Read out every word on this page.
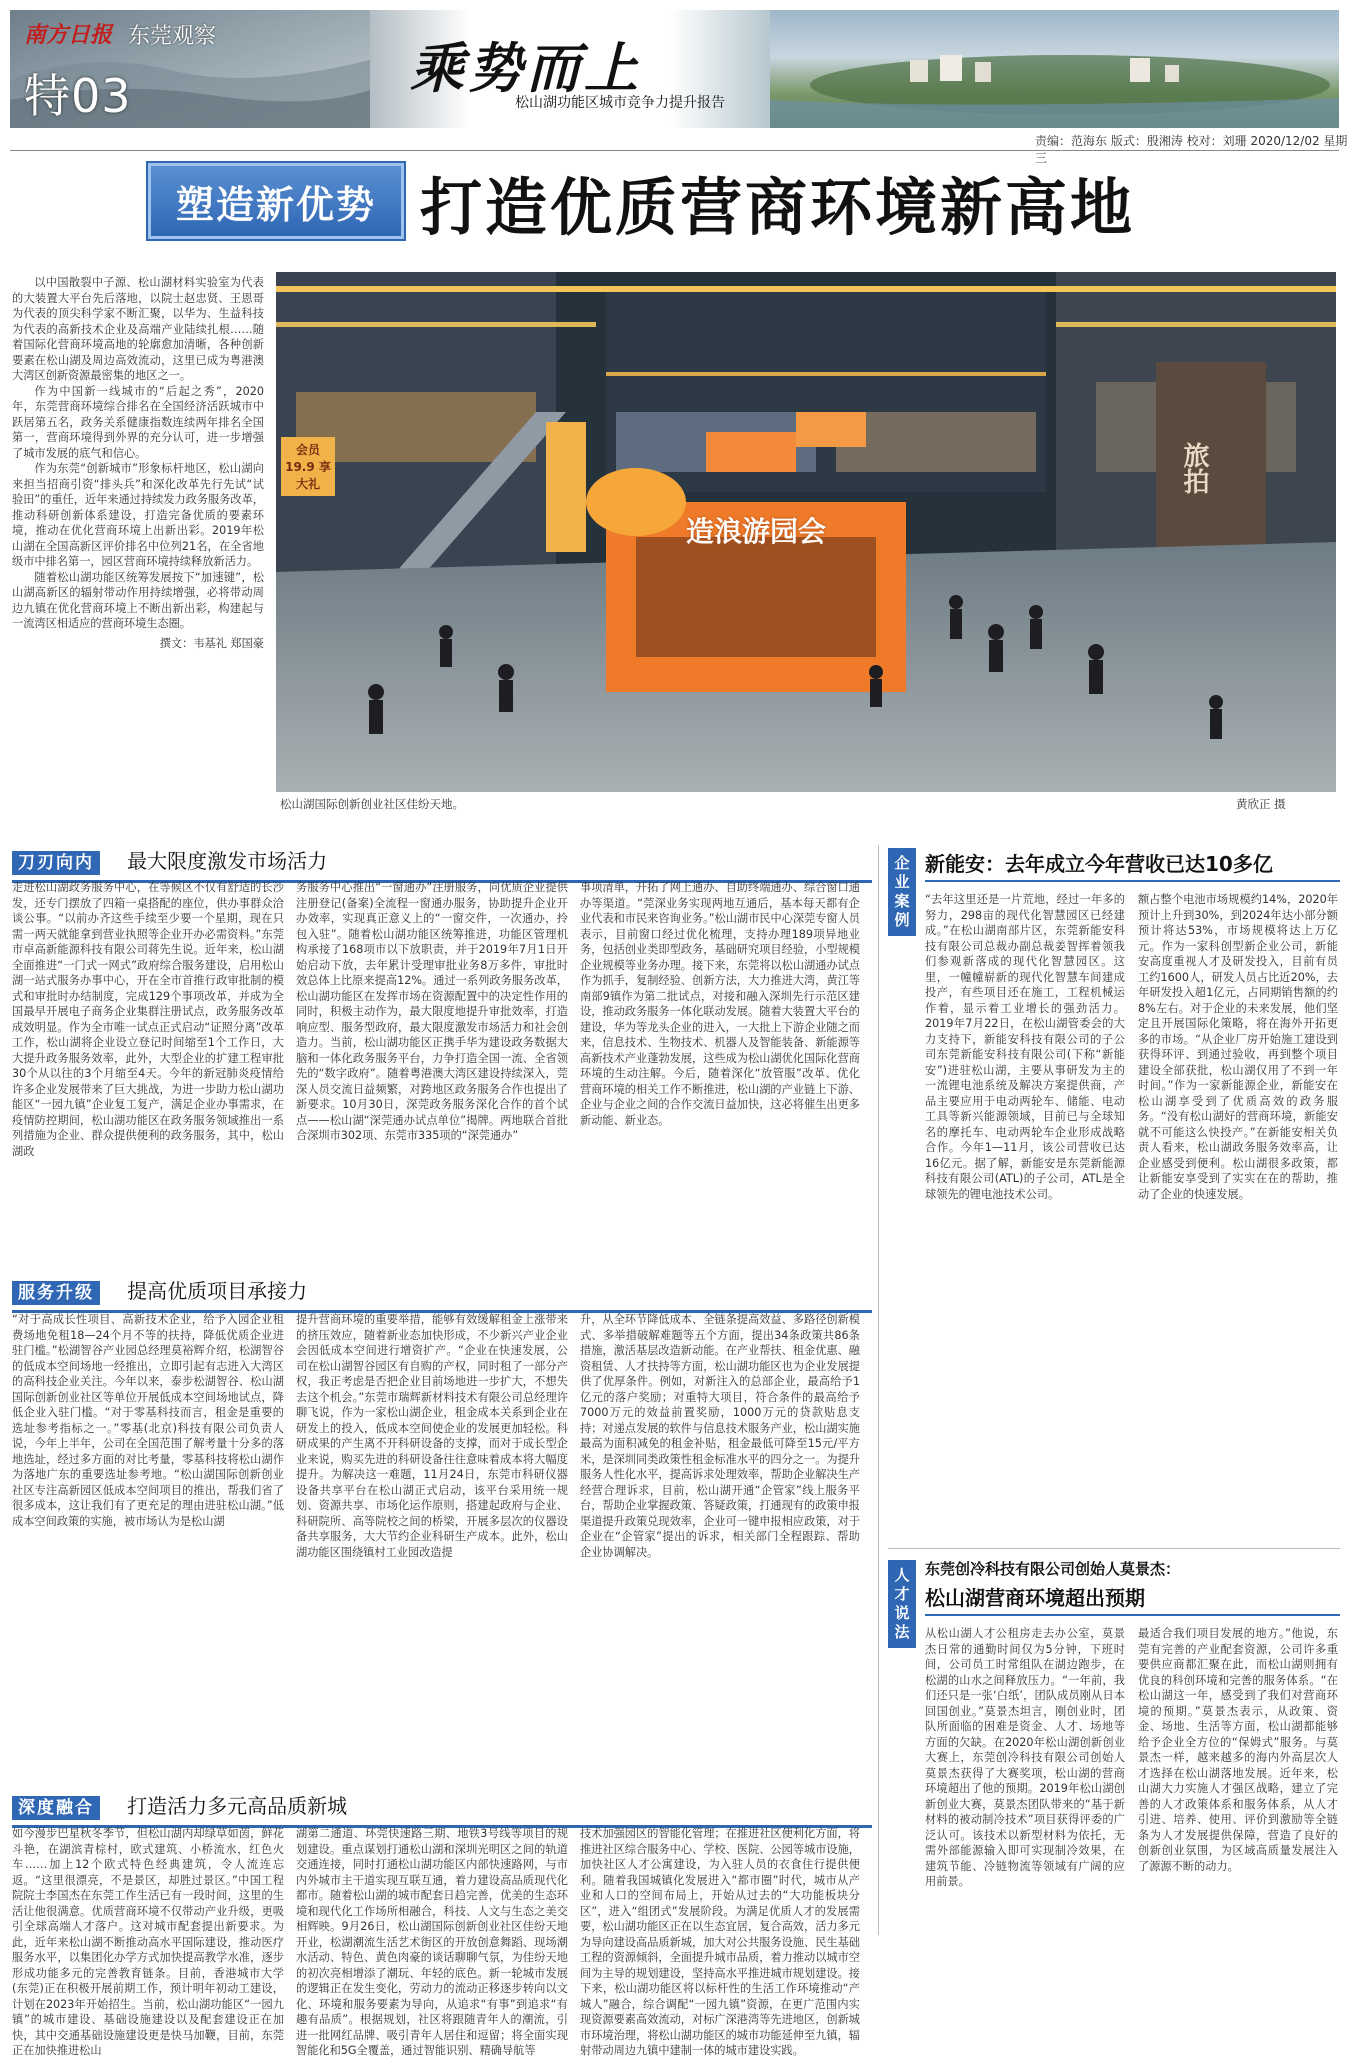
南方日报 东莞观察
特03	乘势而上
松山湖功能区城市竞争力提升报告
责编：范海东 版式：殷湘涛 校对：刘珊 2020/12/02 星期三
塑造新优势 打造优质营商环境新高地

以中国散裂中子源、松山湖材料实验室为代表的大装置大平台先后落地，以院士赵忠贤、王恩哥为代表的顶尖科学家不断汇聚，以华为、生益科技为代表的高新技术企业及高端产业陆续扎根……随着国际化营商环境高地的轮廓愈加清晰，各种创新要素在松山湖及周边高效流动，这里已成为粤港澳大湾区创新资源最密集的地区之一。

作为中国新一线城市的“后起之秀”，2020年，东莞营商环境综合排名在全国经济活跃城市中跃居第五名，政务关系健康指数连续两年排名全国第一，营商环境得到外界的充分认可，进一步增强了城市发展的底气和信心。

作为东莞“创新城市”形象标杆地区，松山湖向来担当招商引资“排头兵”和深化改革先行先试“试验田”的重任，近年来通过持续发力政务服务改革，推动科研创新体系建设，打造完备优质的要素环境，推动在优化营商环境上出新出彩。2019年松山湖在全国高新区评价排名中位列21名，在全省地级市中排名第一，园区营商环境持续释放新活力。

随着松山湖功能区统筹发展按下“加速键”，松山湖高新区的辐射带动作用持续增强，必将带动周边九镇在优化营商环境上不断出新出彩，构建起与一流湾区相适应的营商环境生态圈。

撰文：韦基礼 郑国豪
造浪游园会
会员 19.9 享大礼	旅拍
松山湖国际创新创业社区佳纷天地。	黄欣正 摄
刀刃向内 最大限度激发市场活力
走进松山湖政务服务中心，在等候区不仅有舒适的长沙发，还专门摆放了四箱一桌搭配的座位，供办事群众洽谈公事。“以前办齐这些手续至少要一个星期，现在只需一两天就能拿到营业执照等企业开办必需资料。”东莞市卓高新能源科技有限公司蒋先生说。近年来，松山湖全面推进“一门式一网式”政府综合服务建设，启用松山湖一站式服务办事中心，开在全市首推行政审批制的模式和审批时办结制度，完成129个事项改革，并成为全国最早开展电子商务企业集群注册试点，政务服务改革成效明显。作为全市唯一试点正式启动“证照分离”改革工作，松山湖将企业设立登记时间缩至1个工作日，大大提升政务服务效率，此外，大型企业的扩建工程审批30个从以往的3个月缩至4天。今年的新冠肺炎疫情给许多企业发展带来了巨大挑战，为进一步助力松山湖功能区“一园九镇”企业复工复产，满足企业办事需求，在疫情防控期间，松山湖功能区在政务服务领域推出一系列措施为企业、群众提供便利的政务服务，其中，松山湖政
务服务中心推出“一窗通办”注册服务，向优质企业提供注册登记(备案)全流程一窗通办服务，协助提升企业开办效率，实现真正意义上的“一窗交件，一次通办，拎包入驻”。随着松山湖功能区统筹推进，功能区管理机构承接了168项市以下放职责，并于2019年7月1日开始启动下放，去年累计受理审批业务8万多件，审批时效总体上比原来提高12%。通过一系列政务服务改革，松山湖功能区在发挥市场在资源配置中的决定性作用的同时，积极主动作为，最大限度地提升审批效率，打造响应型、服务型政府，最大限度激发市场活力和社会创造力。当前，松山湖功能区正携手华为建设政务数据大脑和一体化政务服务平台，力争打造全国一流、全省领先的“数字政府”。随着粤港澳大湾区建设持续深入，莞深人员交流日益频繁，对跨地区政务服务合作也提出了新要求。10月30日，深莞政务服务深化合作的首个试点——松山湖“深莞通办试点单位”揭牌。两地联合首批合深圳市302项、东莞市335项的“深莞通办”
事项清单，开拓了网上通办、自助终端通办、综合窗口通办等渠道。“莞深业务实现两地互通后，基本每天都有企业代表和市民来咨询业务。”松山湖市民中心深莞专窗人员表示，目前窗口经过优化梳理，支持办理189项异地业务，包括创业类即型政务，基础研究项目经验，小型规模企业规模等业务办理。接下来，东莞将以松山湖通办试点作为抓手，复制经验、创新方法，大力推进大湾，黄江等南部9镇作为第二批试点，对接和融入深圳先行示范区建设，推动政务服务一体化联动发展。随着大装置大平台的建设，华为等龙头企业的进入，一大批上下游企业随之而来，信息技术、生物技术、机器人及智能装备、新能源等高新技术产业蓬勃发展，这些成为松山湖优化国际化营商环境的生动注解。今后，随着深化“放管服”改革、优化营商环境的相关工作不断推进，松山湖的产业链上下游、企业与企业之间的合作交流日益加快，这必将催生出更多新动能、新业态。
服务升级 提高优质项目承接力
“对于高成长性项目、高新技术企业，给予入园企业租费场地免租18—24个月不等的扶持，降低优质企业进驻门槛。”松湖智谷产业园总经理莫裕辉介绍，松湖智谷的低成本空间场地一经推出，立即引起有志进入大湾区的高科技企业关注。今年以来，泰步松湖智谷、松山湖国际创新创业社区等单位开展低成本空间场地试点，降低企业入驻门槛。“对于零基科技而言，租金是重要的选址参考指标之一。”零基(北京)科技有限公司负责人说，今年上半年，公司在全国范围了解考量十分多的落地选址，经过多方面的对比考量，零基科技将松山湖作为落地广东的重要选址参考地。“松山湖国际创新创业社区专注高新园区低成本空间项目的推出，帮我们省了很多成本，这让我们有了更充足的理由进驻松山湖。”低成本空间政策的实施，被市场认为是松山湖
提升营商环境的重要举措，能够有效缓解租金上涨带来的挤压效应，随着新业态加快形成，不少新兴产业企业会因低成本空间进行增资扩产。“企业在快速发展，公司在松山湖智谷园区有自购的产权，同时租了一部分产权，我正考虑是否把企业目前场地进一步扩大，不想失去这个机会。”东莞市瑞辉新材料技术有限公司总经理许聊飞说，作为一家松山湖企业，租金成本关系到企业在研发上的投入，低成本空间使企业的发展更加轻松。科研成果的产生离不开科研设备的支撑，而对于成长型企业来说，购买先进的科研设备往往意味着成本将大幅度提升。为解决这一难题，11月24日，东莞市科研仪器设备共享平台在松山湖正式启动，该平台采用统一规划、资源共享、市场化运作原则，搭建起政府与企业、科研院所、高等院校之间的桥梁，开展多层次的仪器设备共享服务，大大节约企业科研生产成本。此外，松山湖功能区围绕镇村工业园改造提
升，从全环节降低成本、全链条提高效益、多路径创新模式、多举措破解难题等五个方面，提出34条政策共86条措施，激活基层改造新动能。在产业帮扶、租金优惠、融资租赁、人才扶持等方面，松山湖功能区也为企业发展提供了优厚条件。例如，对新注入的总部企业，最高给予1亿元的落户奖励；对重特大项目，符合条件的最高给予7000万元的效益前置奖励，1000万元的贷款贴息支持；对递点发展的软件与信息技术服务产业，松山湖实施最高为面积减免的租金补贴，租金最低可降至15元/平方米，是深圳同类政策性租金标准水平的四分之一。为提升服务人性化水平，提高诉求处理效率，帮助企业解决生产经营合理诉求，目前，松山湖开通“企管家”线上服务平台，帮助企业掌握政策、答疑政策，打通现有的政策申报渠道提升政策兑现效率，企业可一键申报相应政策，对于企业在“企管家”提出的诉求，相关部门全程跟踪、帮助企业协调解决。
深度融合 打造活力多元高品质新城
如今漫步巴星秋冬季节，但松山湖内却绿草如茵，鲜花斗艳，在湖滨青棕村，欧式建筑、小桥流水，红色火车……加上12个欧式特色经典建筑，令人流连忘返。“这里很漂亮，不是景区，却胜过景区。”中国工程院院士李国杰在东莞工作生活已有一段时间，这里的生活让他很满意。优质营商环境不仅带动产业升级，更吸引全球高端人才落户。这对城市配套提出新要求。为此，近年来松山湖不断推动高水平国际建设，推动医疗服务水平，以集团化办学方式加快提高教学水准，逐步形成功能多元的完善教育链条。目前，香港城市大学(东莞)正在积极开展前期工作，预计明年初动工建设，计划在2023年开始招生。当前，松山湖功能区“一园九镇”的城市建设、基础设施建设以及配套建设正在加快，其中交通基础设施建设更是快马加鞭，目前，东莞正在加快推进松山
湖第二通道、环莞快速路三期、地铁3号线等项目的规划建设。重点谋划打通松山湖和深圳光明区之间的轨道交通连接，同时打通松山湖功能区内部快速路网，与市内外城市主干道实现互联互通，着力建设高品质现代化都市。随着松山湖的城市配套日趋完善，优美的生态环境和现代化工作场所相融合，科技、人文与生态之美交相辉映。9月26日，松山湖国际创新创业社区佳纷天地开业，松湖潮流生活艺术街区的开放创意舞蹈、现场潮水活动、特色、黄色肉豪的谈话聊聊气氛，为佳纷天地的初次亮相增添了潮玩、年轻的底色。新一轮城市发展的逻辑正在发生变化，劳动力的流动正移逐步转向以文化、环境和服务要素为导向，从追求“有事”到追求“有趣有品质”。根据规划，社区将跟随青年人的潮流，引进一批网红品牌、吸引青年人居住和逗留；将全面实现智能化和5G全覆盖，通过智能识别、精确导航等
技术加强园区的智能化管理；在推进社区便利化方面，将推进社区综合服务中心、学校、医院、公园等城市设施，加快社区人才公寓建设，为入驻人员的衣食住行提供便利。随着我国城镇化发展进入“都市圈”时代，城市从产业和人口的空间布局上，开始从过去的“大功能板块分区”，进入“组团式”发展阶段。为满足优质人才的发展需要，松山湖功能区正在以生态宜居，复合高效，活力多元为导向建设高品质新城，加大对公共服务设施、民生基础工程的资源倾斜，全面提升城市品质，着力推动以城市空间为主导的规划建设，坚持高水平推进城市规划建设。接下来，松山湖功能区将以标杆性的生活工作环境推动“产城人”融合，综合调配“一园九镇”资源，在更广范围内实现资源要素高效流动，对标广深港湾等先进地区，创新城市环境治理，将松山湖功能区的城市功能延伸至九镇，辐射带动周边九镇中建制一体的城市建设实践。
企业案例
新能安：去年成立今年营收已达10多亿
“去年这里还是一片荒地，经过一年多的努力，298亩的现代化智慧园区已经建成。”在松山湖南部片区，东莞新能安科技有限公司总裁办副总裁姜智挥着领我们参观新落成的现代化智慧园区。这里，一幢幢崭新的现代化智慧车间建成投产，有些项目还在施工，工程机械运作着，显示着工业增长的强劲活力。2019年7月22日，在松山湖管委会的大力支持下，新能安科技有限公司的子公司东莞新能安科技有限公司(下称“新能安”)进驻松山湖，主要从事研发为主的一流锂电池系统及解决方案提供商，产品主要应用于电动两轮车、储能、电动工具等新兴能源领域，目前已与全球知名的摩托车、电动两轮车企业形成战略合作。今年1—11月，该公司营收已达16亿元。据了解，新能安是东莞新能源科技有限公司(ATL)的子公司，ATL是全球领先的锂电池技术公司。
额占整个电池市场规模约14%，2020年预计上升到30%，到2024年达小部分额预计将达53%，市场规模将达上万亿元。作为一家科创型新企业公司，新能安高度重视人才及研发投入，目前有员工约1600人，研发人员占比近20%，去年研发投入超1亿元，占同期销售额的约8%左右。对于企业的未来发展，他们坚定且开展国际化策略，将在海外开拓更多的市场。“从企业厂房开始施工建设到获得环评、到通过验收，再到整个项目建设全部获批，松山湖仅用了不到一年时间。”作为一家新能源企业，新能安在松山湖享受到了优质高效的政务服务。“没有松山湖好的营商环境，新能安就不可能这么快投产。”在新能安相关负责人看来，松山湖政务服务效率高，让企业感受到便利。松山湖很多政策，都让新能安享受到了实实在在的帮助，推动了企业的快速发展。
人才说法
东莞创冷科技有限公司创始人莫景杰：
松山湖营商环境超出预期
从松山湖人才公租房走去办公室，莫景杰日常的通勤时间仅为5分钟，下班时间，公司员工时常组队在湖边跑步，在松湖的山水之间释放压力。“一年前，我们还只是一张‘白纸’，团队成员刚从日本回国创业。”莫景杰坦言，刚创业时，团队所面临的困难是资金、人才、场地等方面的欠缺。在2020年松山湖创新创业大赛上，东莞创冷科技有限公司创始人莫景杰获得了大赛奖项，松山湖的营商环境超出了他的预期。2019年松山湖创新创业大赛，莫景杰团队带来的“基于新材料的被动制冷技术”项目获得评委的广泛认可。该技术以新型材料为依托，无需外部能源输入即可实现制冷效果，在建筑节能、冷链物流等领域有广阔的应用前景。
最适合我们项目发展的地方。”他说，东莞有完善的产业配套资源，公司许多重要供应商都汇聚在此，而松山湖则拥有优良的科创环境和完善的服务体系。“在松山湖这一年，感受到了我们对营商环境的预期。”莫景杰表示，从政策、资金、场地、生活等方面，松山湖都能够给予企业全方位的“保姆式”服务。与莫景杰一样，越来越多的海内外高层次人才选择在松山湖落地发展。近年来，松山湖大力实施人才强区战略，建立了完善的人才政策体系和服务体系，从人才引进、培养、使用、评价到激励等全链条为人才发展提供保障，营造了良好的创新创业氛围，为区域高质量发展注入了源源不断的动力。
